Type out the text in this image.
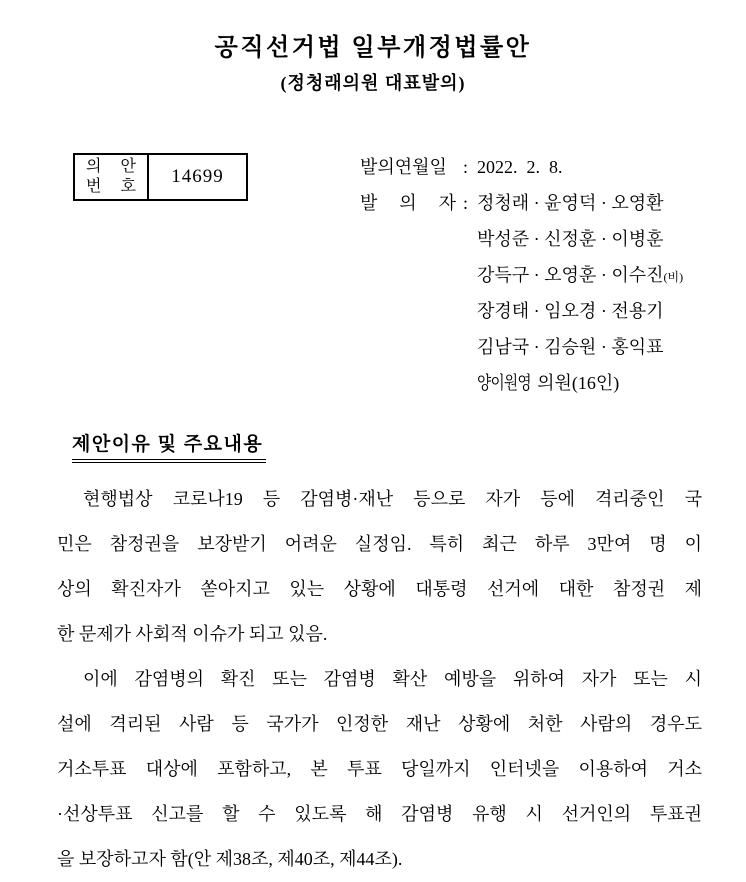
공직선거법 일부개정법률안
(정청래의원 대표발의)
의 안
번 호	14699	발의연월일 : 2022.  2.  8.
발 의 자 : 정청래 · 윤영덕 · 오영환
박성준 · 신정훈 · 이병훈
강득구 · 오영훈 · 이수진(비)
장경태 · 임오경 · 전용기
김남국 · 김승원 · 홍익표
양이원영 의원(16인)
제안이유 및 주요내용
현행법상 코로나19 등 감염병·재난 등으로 자가 등에 격리중인 국
민은 참정권을 보장받기 어려운 실정임. 특히 최근 하루 3만여 명 이
상의 확진자가 쏟아지고 있는 상황에 대통령 선거에 대한 참정권 제
한 문제가 사회적 이슈가 되고 있음.
이에 감염병의 확진 또는 감염병 확산 예방을 위하여 자가 또는 시
설에 격리된 사람 등 국가가 인정한 재난 상황에 처한 사람의 경우도
거소투표 대상에 포함하고, 본 투표 당일까지 인터넷을 이용하여 거소
·선상투표 신고를 할 수 있도록 해 감염병 유행 시 선거인의 투표권
을 보장하고자 함(안 제38조, 제40조, 제44조).
